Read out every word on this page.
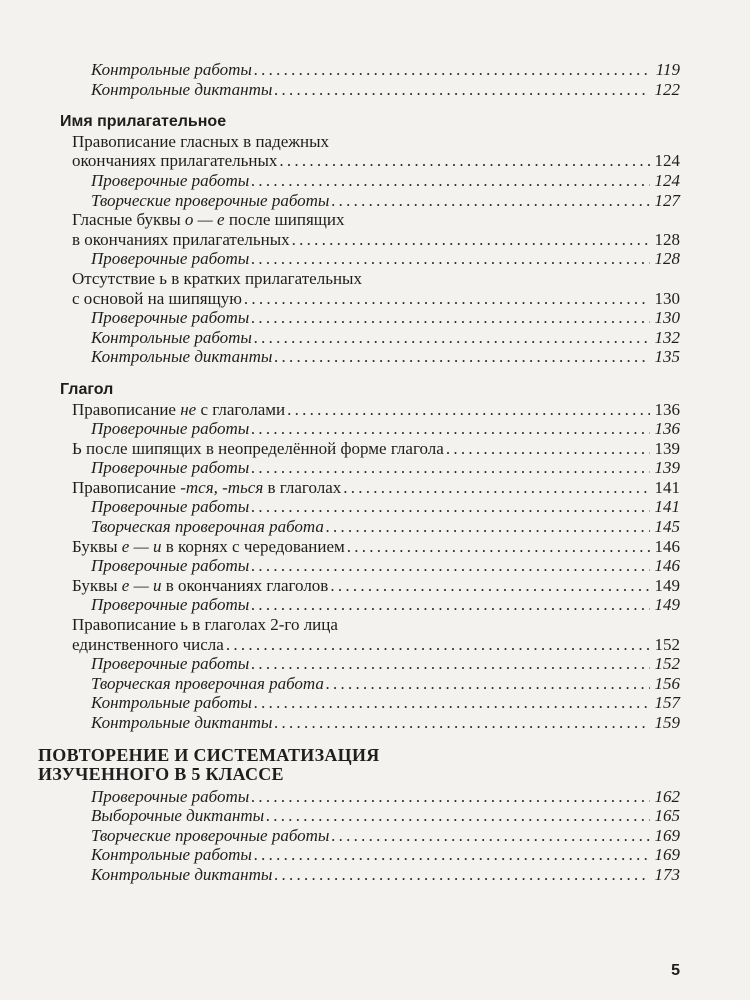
Контрольные работы . . .	119
Контрольные диктанты . . .	122
Имя прилагательное
Правописание гласных в падежных
окончаниях прилагательных . . .	124
Проверочные работы . . .	124
Творческие проверочные работы . . .	127
Гласные буквы о — е после шипящих
в окончаниях прилагательных . . .	128
Проверочные работы . . .	128
Отсутствие ь в кратких прилагательных
с основой на шипящую . . .	130
Проверочные работы . . .	130
Контрольные работы . . .	132
Контрольные диктанты . . .	135
Глагол
Правописание не с глаголами . . .	136
Проверочные работы . . .	136
Ь после шипящих в неопределённой форме глагола . . .	139
Проверочные работы . . .	139
Правописание -тся, -ться в глаголах . . .	141
Проверочные работы . . .	141
Творческая проверочная работа . . .	145
Буквы е — и в корнях с чередованием . . .	146
Проверочные работы . . .	146
Буквы е — и в окончаниях глаголов . . .	149
Проверочные работы . . .	149
Правописание ь в глаголах 2-го лица
единственного числа . . .	152
Проверочные работы . . .	152
Творческая проверочная работа . . .	156
Контрольные работы . . .	157
Контрольные диктанты . . .	159
ПОВТОРЕНИЕ И СИСТЕМАТИЗАЦИЯ
ИЗУЧЕННОГО В 5 КЛАССЕ
Проверочные работы . . .	162
Выборочные диктанты . . .	165
Творческие проверочные работы . . .	169
Контрольные работы . . .	169
Контрольные диктанты . . .	173
5
